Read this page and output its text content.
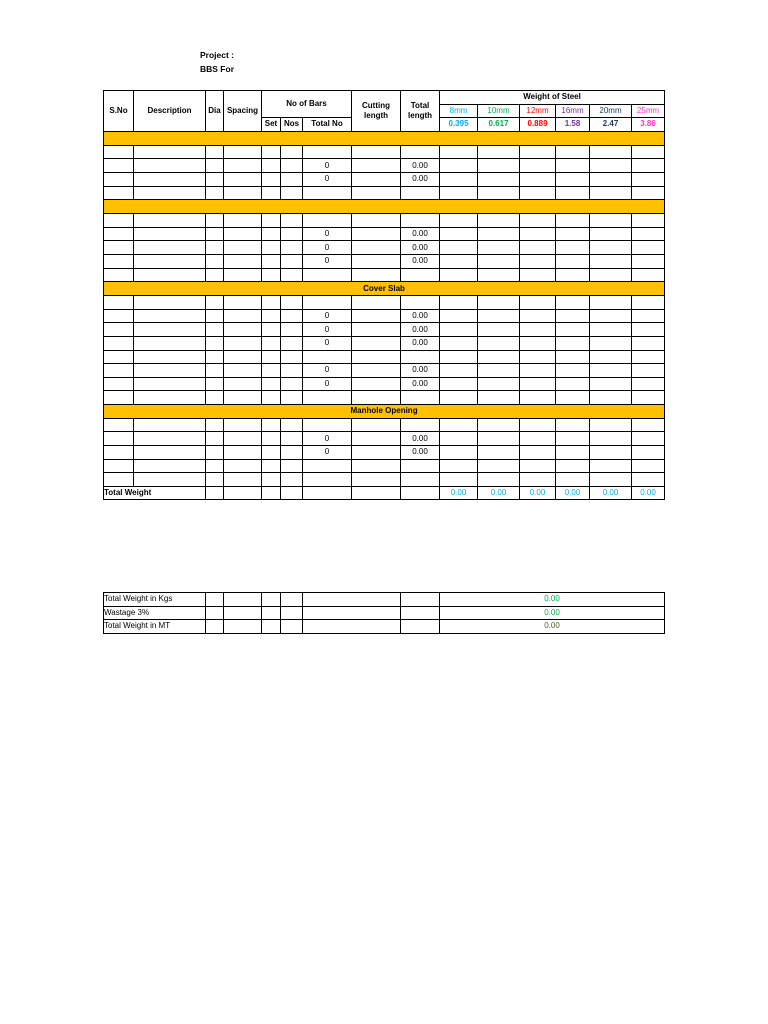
Project :
BBS For
S.No	Description	Dia	Spacing	No of Bars			Cutting length	Total length	Weight of Steel					
									8mm	10mm	12mm	16mm	20mm	25mm
				Set	Nos	Total No			0.395	0.617	0.889	1.58	2.47	3.86

						0		0.00						
						0		0.00						

						0		0.00						
						0		0.00						
						0		0.00						

Cover Slab														

						0		0.00						
						0		0.00						
						0		0.00						

						0		0.00						
						0		0.00						

Manhole Opening														

						0		0.00						
						0		0.00						

Total Weight									0.00	0.00	0.00	0.00	0.00	0.00
Total Weight in Kgs							0.00
Wastage 3%							0.00
Total Weight in MT							0.00
